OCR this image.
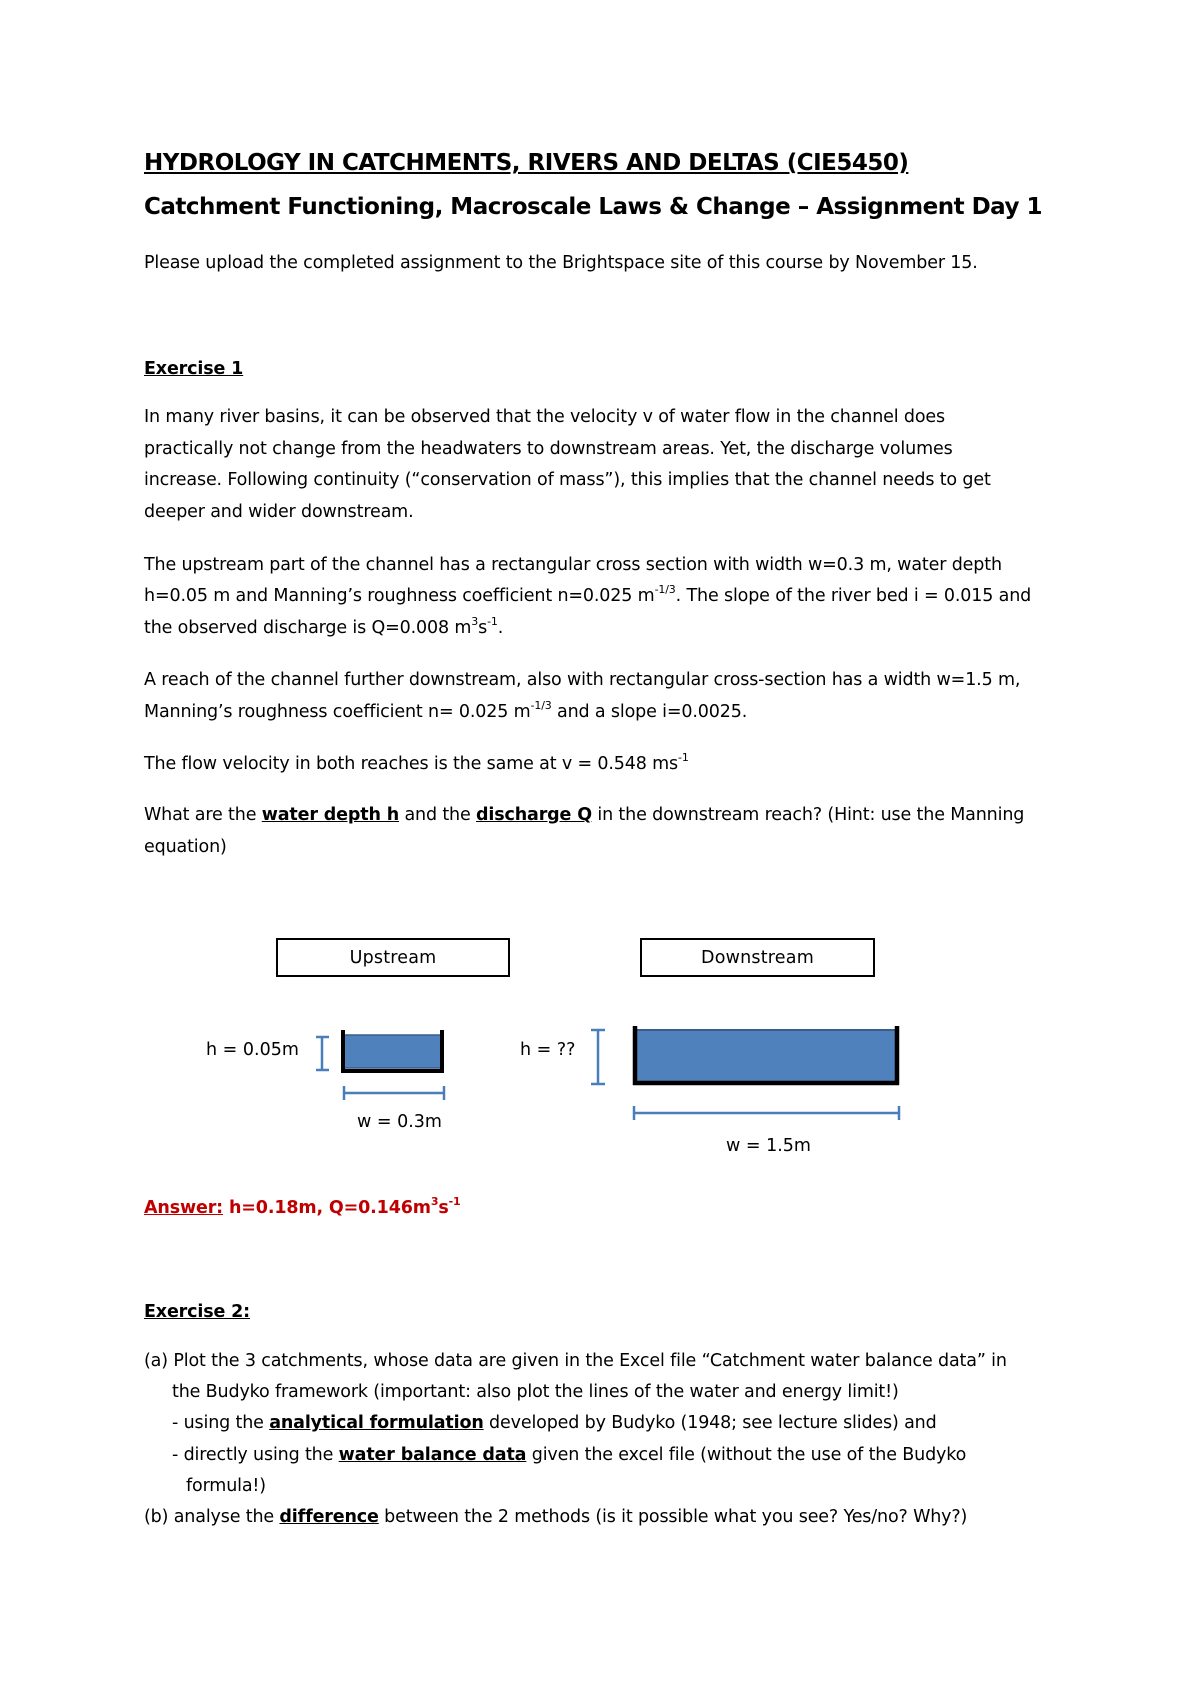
HYDROLOGY IN CATCHMENTS, RIVERS AND DELTAS (CIE5450)
Catchment Functioning, Macroscale Laws & Change – Assignment Day 1
Please upload the completed assignment to the Brightspace site of this course by November 15.
Exercise 1
In many river basins, it can be observed that the velocity v of water flow in the channel does
practically not change from the headwaters to downstream areas. Yet, the discharge volumes
increase. Following continuity (“conservation of mass”), this implies that the channel needs to get
deeper and wider downstream.
The upstream part of the channel has a rectangular cross section with width w=0.3 m, water depth
h=0.05 m and Manning’s roughness coefficient n=0.025 $m^{-1/3}$. The slope of the river bed i = 0.015 and
the observed discharge is Q=0.008 $m^3s^{-1}$.
A reach of the channel further downstream, also with rectangular cross-section has a width w=1.5 m,
Manning’s roughness coefficient n= 0.025 $m^{-1/3}$ and a slope i=0.0025.
The flow velocity in both reaches is the same at v = 0.548 $ms^{-1}$
What are the water depth h and the discharge Q in the downstream reach? (Hint: use the Manning
equation)
Upstream	Downstream
h = 0.05m	h = ??
w = 0.3m
w = 1.5m
Answer: h=0.18m, $Q=0.146m^3s^{-1}$
Exercise 2:
(a) Plot the 3 catchments, whose data are given in the Excel file “Catchment water balance data” in
the Budyko framework (important: also plot the lines of the water and energy limit!)
- using the analytical formulation developed by Budyko (1948; see lecture slides) and
- directly using the water balance data given the excel file (without the use of the Budyko
formula!)
(b) analyse the difference between the 2 methods (is it possible what you see? Yes/no? Why?)
